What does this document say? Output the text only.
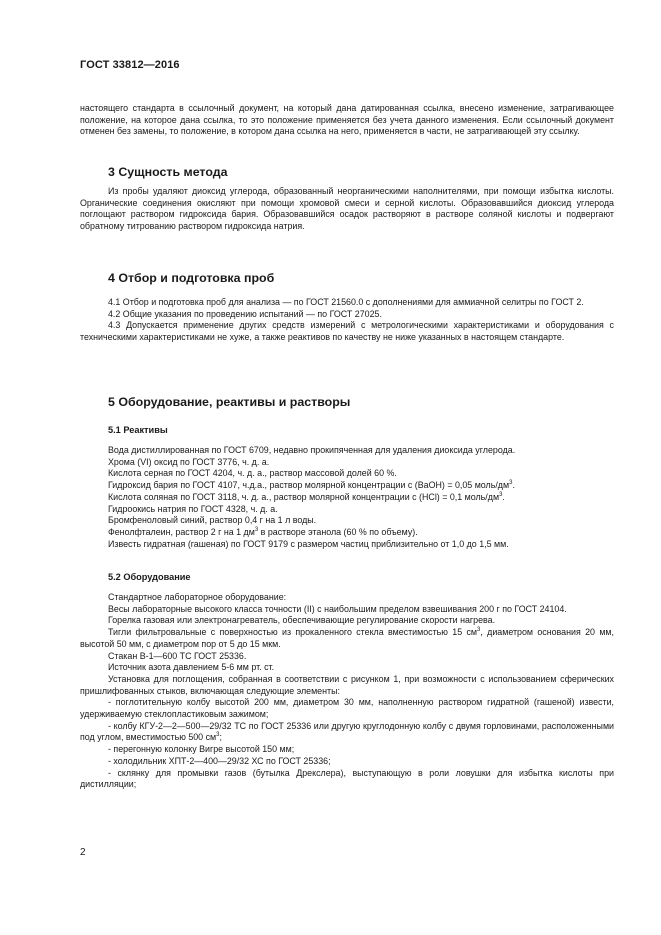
ГОСТ 33812—2016
настоящего стандарта в ссылочный документ, на который дана датированная ссылка, внесено изменение, затрагивающее положение, на которое дана ссылка, то это положение применяется без учета данного изменения. Если ссылочный документ отменен без замены, то положение, в котором дана ссылка на него, применяется в части, не затрагивающей эту ссылку.
3 Сущность метода
Из пробы удаляют диоксид углерода, образованный неорганическими наполнителями, при помощи избытка кислоты. Органические соединения окисляют при помощи хромовой смеси и серной кислоты. Образовавшийся диоксид углерода поглощают раствором гидроксида бария. Образовавшийся осадок растворяют в растворе соляной кислоты и подвергают обратному титрованию раствором гидроксида натрия.
4 Отбор и подготовка проб
4.1 Отбор и подготовка проб для анализа — по ГОСТ 21560.0 с дополнениями для аммиачной селитры по ГОСТ 2.
4.2 Общие указания по проведению испытаний — по ГОСТ 27025.
4.3 Допускается применение других средств измерений с метрологическими характеристиками и оборудования с техническими характеристиками не хуже, а также реактивов по качеству не ниже указанных в настоящем стандарте.
5 Оборудование, реактивы и растворы
5.1 Реактивы
Вода дистиллированная по ГОСТ 6709, недавно прокипяченная для удаления диоксида углерода.
Хрома (VI) оксид по ГОСТ 3776, ч. д. а.
Кислота серная по ГОСТ 4204, ч. д. а., раствор массовой долей 60 %.
Гидроксид бария по ГОСТ 4107, ч.д.а., раствор молярной концентрации c (BaOH) = 0,05 моль/$дм^3$.
Кислота соляная по ГОСТ 3118, ч. д. а., раствор молярной концентрации c (HCl) = 0,1 моль/$дм^3$.
Гидроокись натрия по ГОСТ 4328, ч. д. а.
Бромфеноловый синий, раствор 0,4 г на 1 л воды.
Фенолфталеин, раствор 2 г на 1 $дм^3$ в растворе этанола (60 % по объему).
Известь гидратная (гашеная) по ГОСТ 9179 с размером частиц приблизительно от 1,0 до 1,5 мм.
5.2 Оборудование
Стандартное лабораторное оборудование:
Весы лабораторные высокого класса точности (II) с наибольшим пределом взвешивания 200 г по ГОСТ 24104.
Горелка газовая или электронагреватель, обеспечивающие регулирование скорости нагрева.
Тигли фильтровальные с поверхностью из прокаленного стекла вместимостью 15 $см^3$, диаметром основания 20 мм, высотой 50 мм, с диаметром пор от 5 до 15 мкм.
Стакан В-1—600 ТС ГОСТ 25336.
Источник азота давлением 5-6 мм рт. ст.
Установка для поглощения, собранная в соответствии с рисунком 1, при возможности с использованием сферических пришлифованных стыков, включающая следующие элементы:
- поглотительную колбу высотой 200 мм, диаметром 30 мм, наполненную раствором гидратной (гашеной) извести, удерживаемую стеклопластиковым зажимом;
- колбу КГУ-2—2—500—29/32 ТС по ГОСТ 25336 или другую круглодонную колбу с двумя горловинами, расположенными под углом, вместимостью 500 $см^3$;
- перегонную колонку Вигре высотой 150 мм;
- холодильник ХПТ-2—400—29/32 ХС по ГОСТ 25336;
- склянку для промывки газов (бутылка Дрекслера), выступающую в роли ловушки для избытка кислоты при дистилляции;
2
